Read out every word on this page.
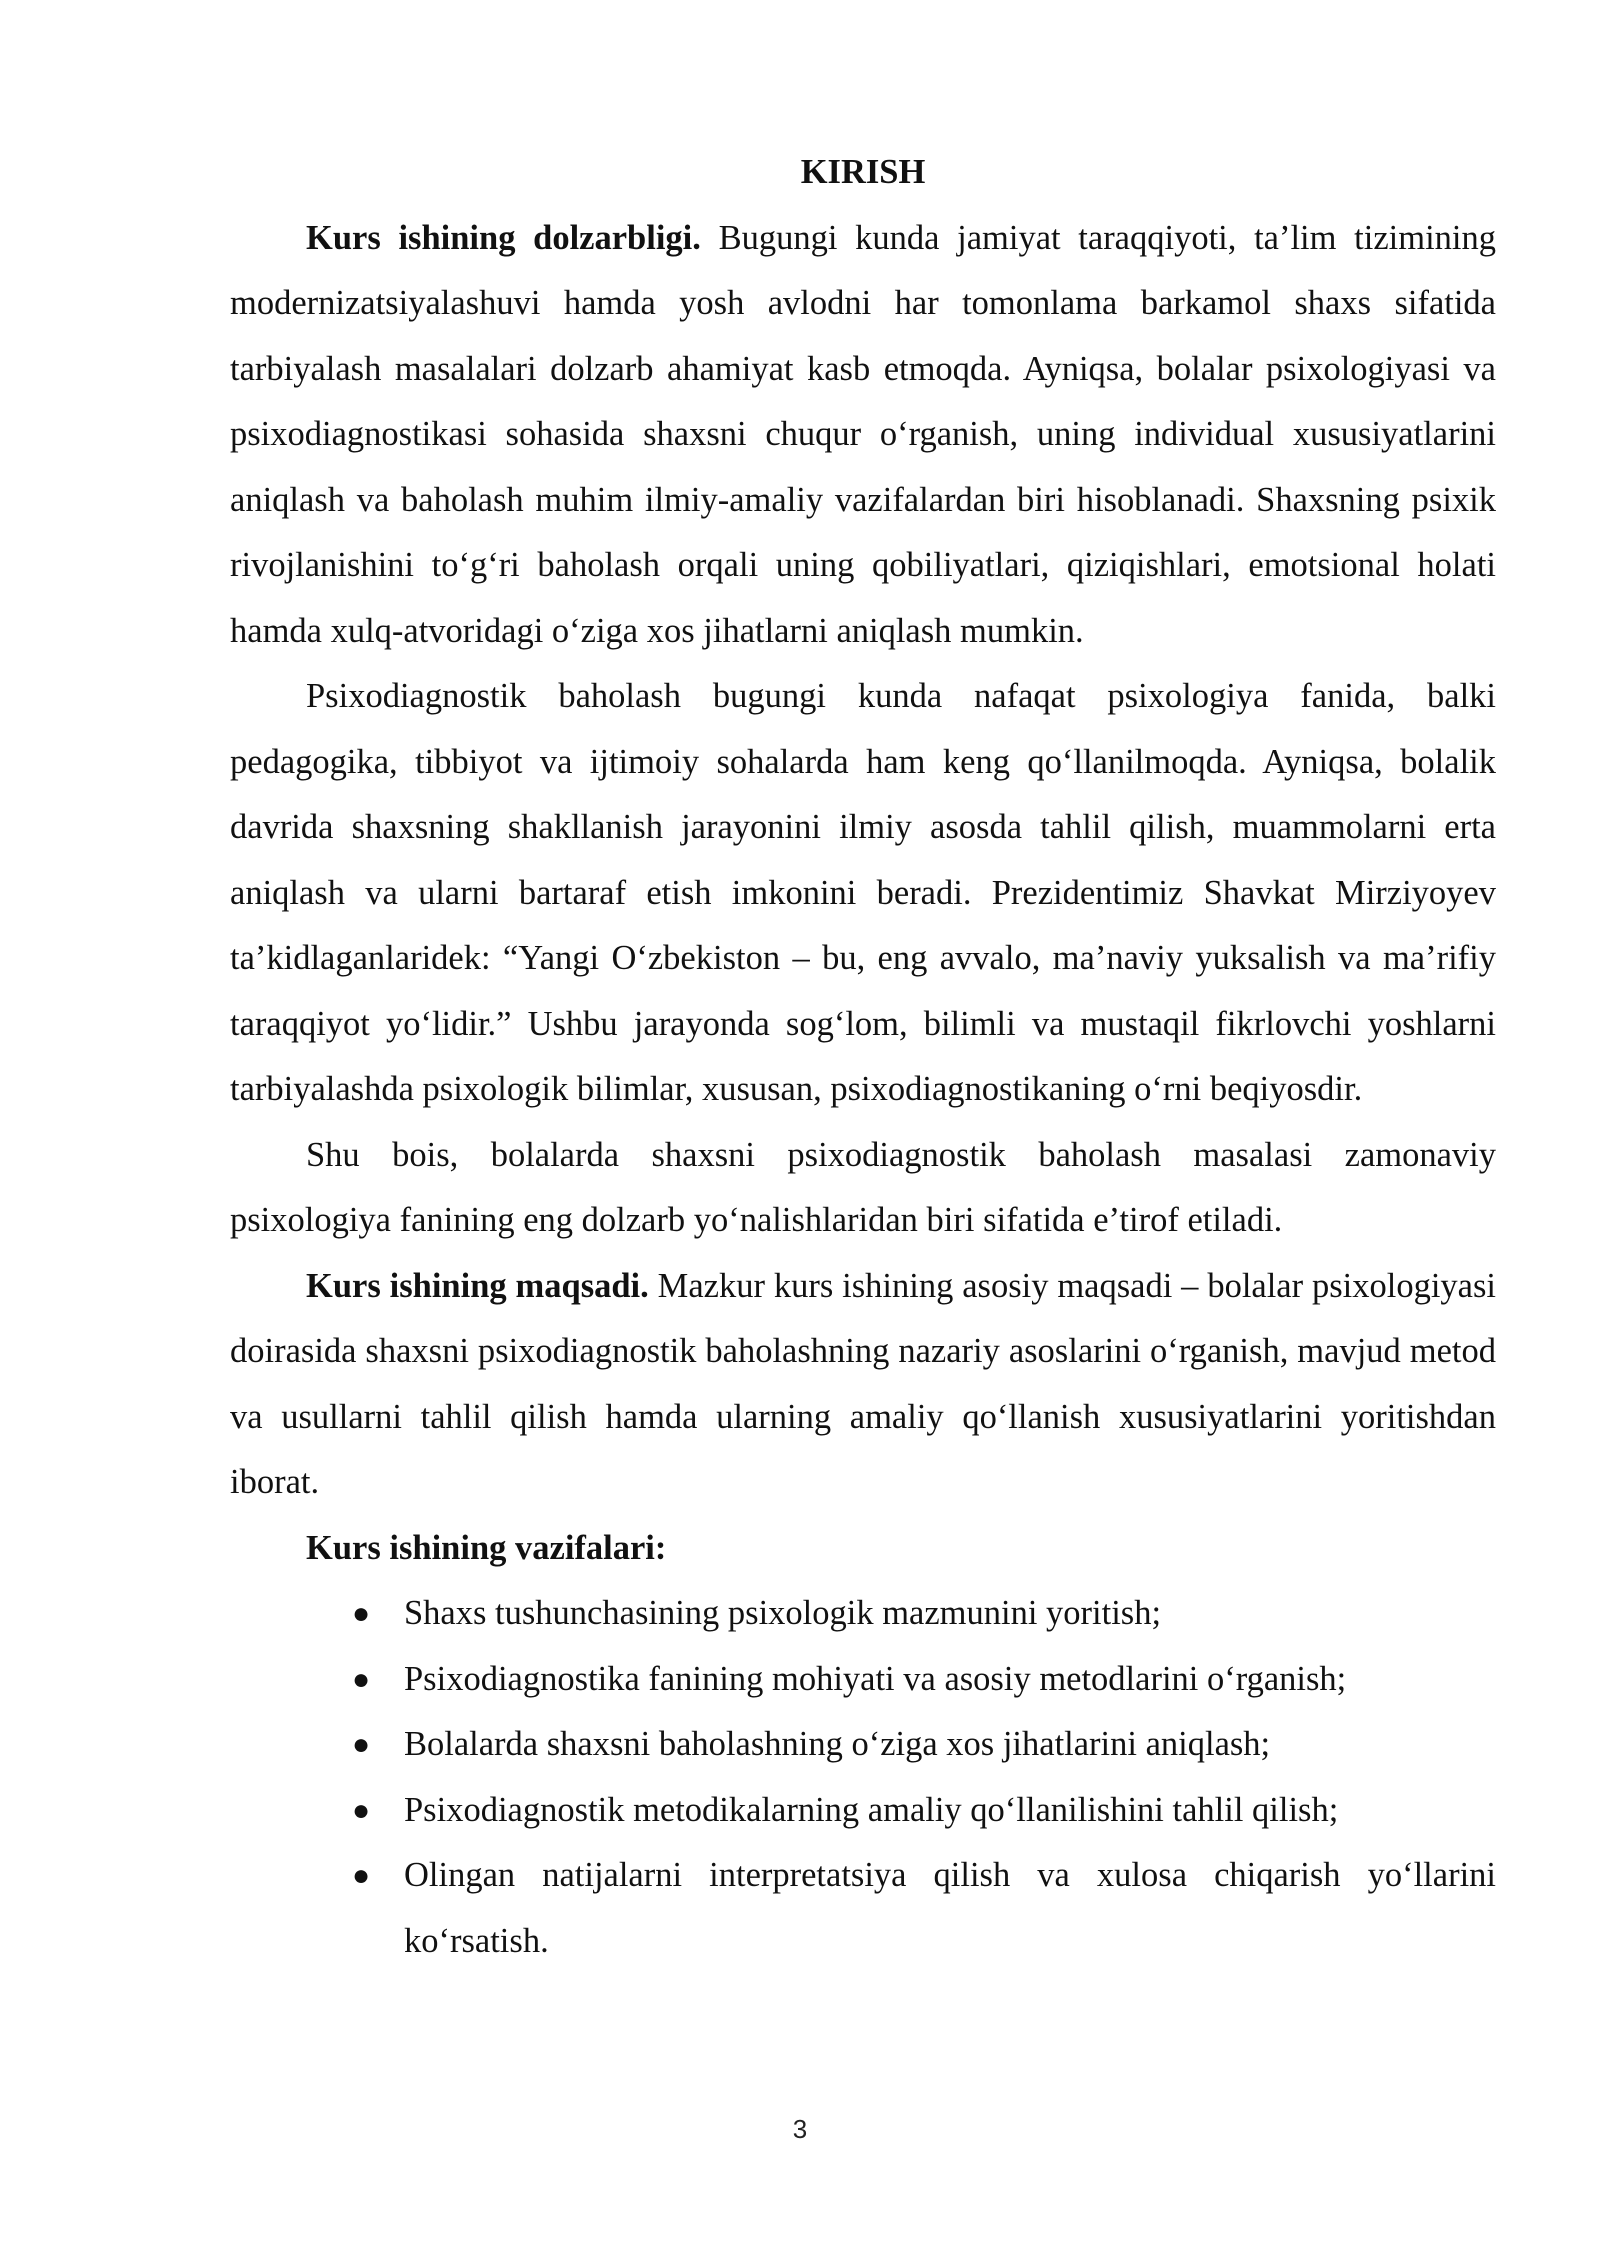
KIRISH

Kurs ishining dolzarbligi. Bugungi kunda jamiyat taraqqiyoti, ta’lim tizimining modernizatsiyalashuvi hamda yosh avlodni har tomonlama barkamol shaxs sifatida tarbiyalash masalalari dolzarb ahamiyat kasb etmoqda. Ayniqsa, bolalar psixologiyasi va psixodiagnostikasi sohasida shaxsni chuqur o‘rganish, uning individual xususiyatlarini aniqlash va baholash muhim ilmiy-amaliy vazifalardan biri hisoblanadi. Shaxsning psixik rivojlanishini to‘g‘ri baholash orqali uning qobiliyatlari, qiziqishlari, emotsional holati hamda xulq-atvoridagi o‘ziga xos jihatlarni aniqlash mumkin.

Psixodiagnostik baholash bugungi kunda nafaqat psixologiya fanida, balki pedagogika, tibbiyot va ijtimoiy sohalarda ham keng qo‘llanilmoqda. Ayniqsa, bolalik davrida shaxsning shakllanish jarayonini ilmiy asosda tahlil qilish, muammolarni erta aniqlash va ularni bartaraf etish imkonini beradi. Prezidentimiz Shavkat Mirziyoyev ta’kidlaganlaridek: “Yangi O‘zbekiston – bu, eng avvalo, ma’naviy yuksalish va ma’rifiy taraqqiyot yo‘lidir.” Ushbu jarayonda sog‘lom, bilimli va mustaqil fikrlovchi yoshlarni tarbiyalashda psixologik bilimlar, xususan, psixodiagnostikaning o‘rni beqiyosdir.

Shu bois, bolalarda shaxsni psixodiagnostik baholash masalasi zamonaviy psixologiya fanining eng dolzarb yo‘nalishlaridan biri sifatida e’tirof etiladi.

Kurs ishining maqsadi. Mazkur kurs ishining asosiy maqsadi – bolalar psixologiyasi doirasida shaxsni psixodiagnostik baholashning nazariy asoslarini o‘rganish, mavjud metod va usullarni tahlil qilish hamda ularning amaliy qo‘llanish xususiyatlarini yoritishdan iborat.

Kurs ishining vazifalari:
● Shaxs tushunchasining psixologik mazmunini yoritish;
● Psixodiagnostika fanining mohiyati va asosiy metodlarini o‘rganish;
● Bolalarda shaxsni baholashning o‘ziga xos jihatlarini aniqlash;
● Psixodiagnostik metodikalarning amaliy qo‘llanilishini tahlil qilish;
● Olingan natijalarni interpretatsiya qilish va xulosa chiqarish yo‘llarini ko‘rsatish.
3
